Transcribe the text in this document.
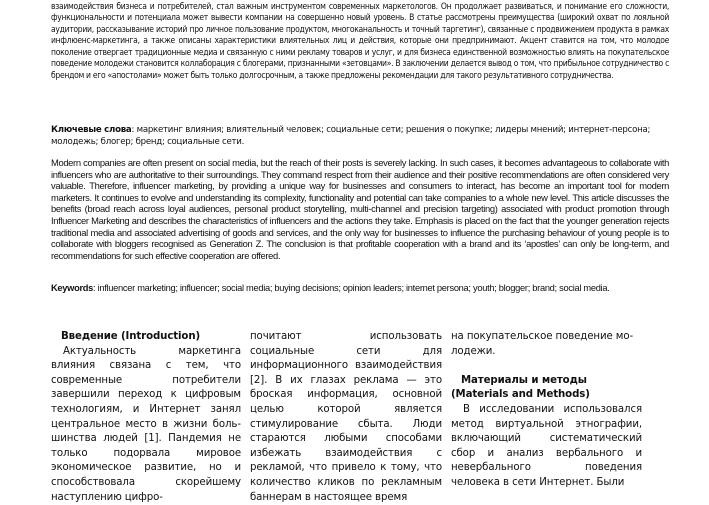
взаимодействия бизнеса и потребителей, стал важным инструментом современных маркетологов. Он продолжает развиваться, и понимание его сложности, функциональности и потенциала может вывести компании на совершенно новый уровень. В статье рассмотрены преимущества (широкий охват по лояльной аудитории, рассказывание историй про личное пользование продуктом, многоканальность и точный таргетинг), связанные с продвижением продукта в рамках инфлюенс-маркетинга, а также описаны характеристики влиятельных лиц и действия, которые они предпринимают. Акцент ставится на том, что молодое поколение отвергает традиционные медиа и связанную с ними рекламу товаров и услуг, и для бизнеса единственной возможностью влиять на покупательское поведение молодежи становится коллаборация с блогерами, признанными «зетовцами». В заключении делается вывод о том, что прибыльное сотрудничество с брендом и его «апостолами» может быть только долгосрочным, а также предложены рекомендации для такого результативного сотрудничества.

Ключевые слова: маркетинг влияния; влиятельный человек; социальные сети; решения о покупке; лидеры мнений; интернет-персона; молодежь; блогер; бренд; социальные сети.

Modern companies are often present on social media, but the reach of their posts is severely lacking. In such cases, it becomes advantageous to collaborate with influencers who are authoritative to their surroundings. They command respect from their audience and their positive recommendations are often considered very valuable. Therefore, influencer marketing, by providing a unique way for businesses and consumers to interact, has become an important tool for modern marketers. It continues to evolve and understanding its complexity, functionality and potential can take companies to a whole new level. This article discusses the benefits (broad reach across loyal audiences, personal product storytelling, multi-channel and precision targeting) associated with product promotion through Influencer Marketing and describes the characteristics of influencers and the actions they take. Emphasis is placed on the fact that the younger generation rejects traditional media and associated advertising of goods and services, and the only way for businesses to influence the purchasing behaviour of young people is to collaborate with bloggers recognised as Generation Z. The conclusion is that profitable cooperation with a brand and its ‘apostles’ can only be long-term, and recommendations for such effective cooperation are offered.

Keywords: influencer marketing; influencer; social media; buying decisions; opinion leaders; internet persona; youth; blogger; brand; social media.

Введение (Introduction)

Актуальность маркетинга влияния связана с тем, что современные потребители завершили переход к цифровым технологиям, и Интернет занял центральное место в жизни большинства людей [1]. Пандемия не только подорвала мировое экономическое развитие, но и способствовала скорейшему наступлению цифро-

почитают использовать социальные сети для информационного взаимодействия [2]. В их глазах реклама — это броская информация, основной целью которой является стимулирование сбыта. Люди стараются любыми способами избежать взаимодействия с рекламой, что привело к тому, что количество кликов по рекламным баннерам в настоящее время

на покупательское поведение молодежи.

Материалы и методы (Materials and Methods)

В исследовании использовался метод виртуальной этнографии, включающий систематический сбор и анализ вербального и невербального поведения человека в сети Интернет. Были
